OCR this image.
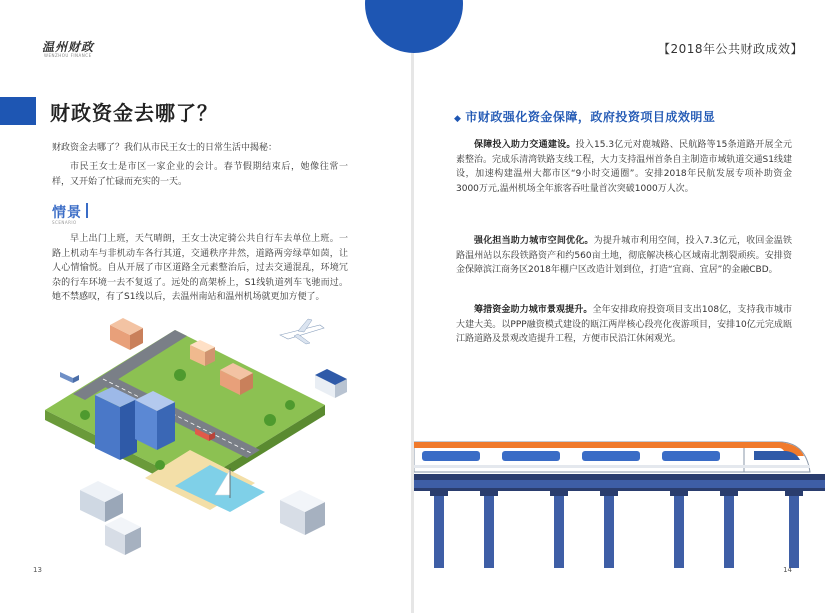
温州财政
WENZHOU FINANCE
财政资金去哪了？
财政资金去哪了？我们从市民王女士的日常生活中揭秘：
市民王女士是市区一家企业的会计。春节假期结束后，她像往常一样，又开始了忙碌而充实的一天。
情景
SCENARIO
早上出门上班，天气晴朗，王女士决定骑公共自行车去单位上班。一路上机动车与非机动车各行其道，交通秩序井然，道路两旁绿草如茵，让人心情愉悦。自从开展了市区道路全元素整治后，过去交通混乱，环境冗杂的行车环境一去不复返了。远处的高架桥上，S1线轨道列车飞驰而过。她不禁感叹，有了S1线以后，去温州南站和温州机场就更加方便了。
13
【2018年公共财政成效】
◆ 市财政强化资金保障，政府投资项目成效明显
保障投入助力交通建设。投入15.3亿元对鹿城路、民航路等15条道路开展全元素整治。完成乐清湾铁路支线工程，大力支持温州首条自主制造市域轨道交通S1线建设，加速构建温州大都市区“9小时交通圈”。安排2018年民航发展专项补助资金3000万元,温州机场全年旅客吞吐量首次突破1000万人次。
强化担当助力城市空间优化。为提升城市利用空间，投入7.3亿元，收回金温铁路温州站以东段铁路资产和约560亩土地，彻底解决核心区域南北割裂顽疾。安排资金保障滨江商务区2018年棚户区改造计划到位，打造“宜商、宜居”的金融CBD。
筹措资金助力城市景观提升。全年安排政府投资项目支出108亿，支持我市城市大建大美。以PPP融资模式建设的瓯江两岸核心段亮化夜游项目，安排10亿元完成瓯江路道路及景观改造提升工程，方便市民沿江休闲观光。
14
